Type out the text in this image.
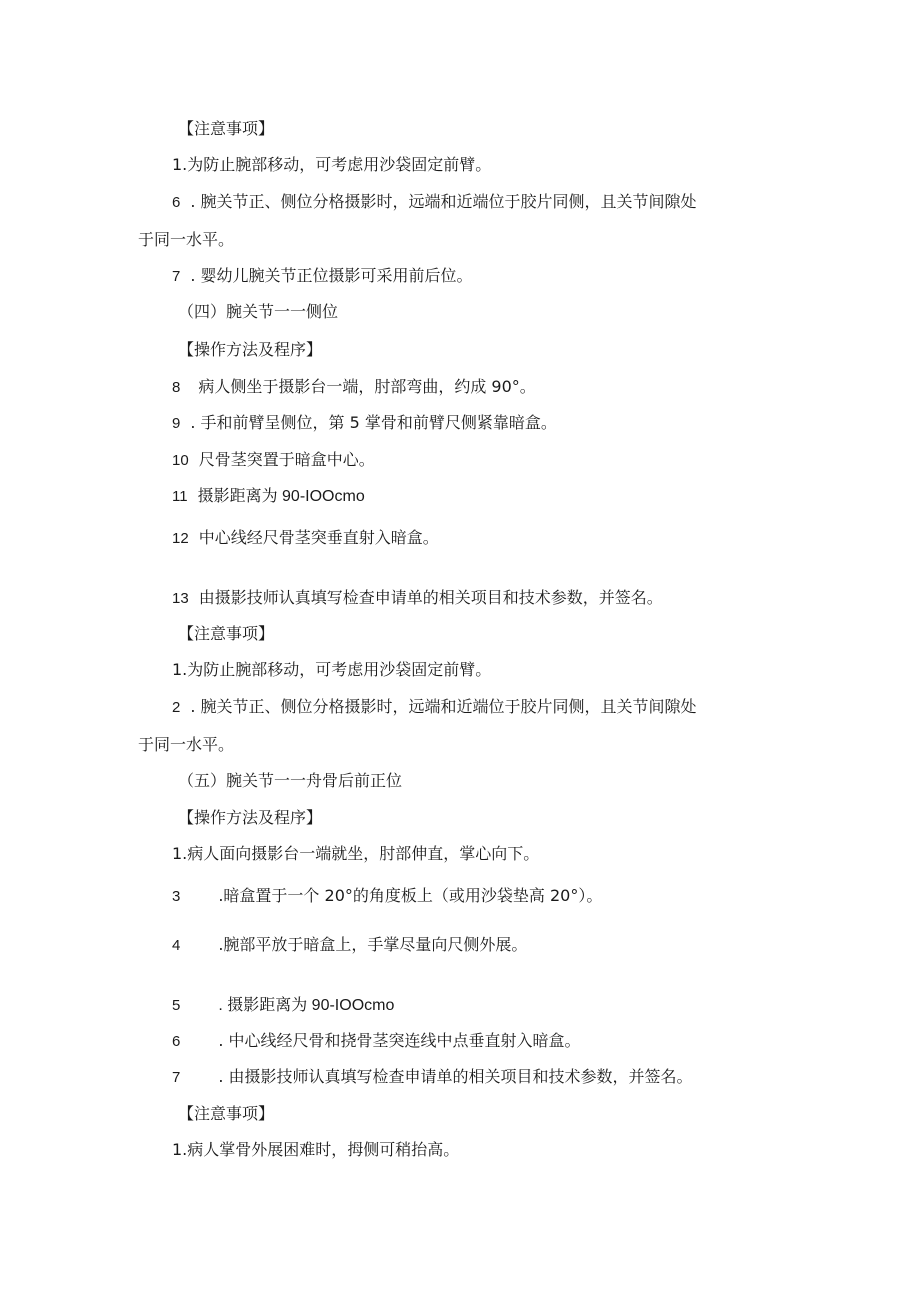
【注意事项】
1.为防止腕部移动，可考虑用沙袋固定前臂。
6 . 腕关节正、侧位分格摄影时，远端和近端位于胶片同侧，且关节间隙处
于同一水平。
7 . 婴幼儿腕关节正位摄影可采用前后位。
（四）腕关节一一侧位
【操作方法及程序】
8 病人侧坐于摄影台一端，肘部弯曲，约成 90°。
9 . 手和前臂呈侧位，第 5 掌骨和前臂尺侧紧靠暗盒。
10 尺骨茎突置于暗盒中心。
11 摄影距离为 90-IOOcmo
12 中心线经尺骨茎突垂直射入暗盒。
13 由摄影技师认真填写检查申请单的相关项目和技术参数，并签名。
【注意事项】
1.为防止腕部移动，可考虑用沙袋固定前臂。
2 . 腕关节正、侧位分格摄影时，远端和近端位于胶片同侧，且关节间隙处
于同一水平。
（五）腕关节一一舟骨后前正位
【操作方法及程序】
1.病人面向摄影台一端就坐，肘部伸直，掌心向下。
3 .暗盒置于一个 20°的角度板上（或用沙袋垫高 20°）。
4 .腕部平放于暗盒上，手掌尽量向尺侧外展。
5 . 摄影距离为 90-IOOcmo
6 . 中心线经尺骨和挠骨茎突连线中点垂直射入暗盒。
7 . 由摄影技师认真填写检查申请单的相关项目和技术参数，并签名。
【注意事项】
1.病人掌骨外展困难时，拇侧可稍抬高。
